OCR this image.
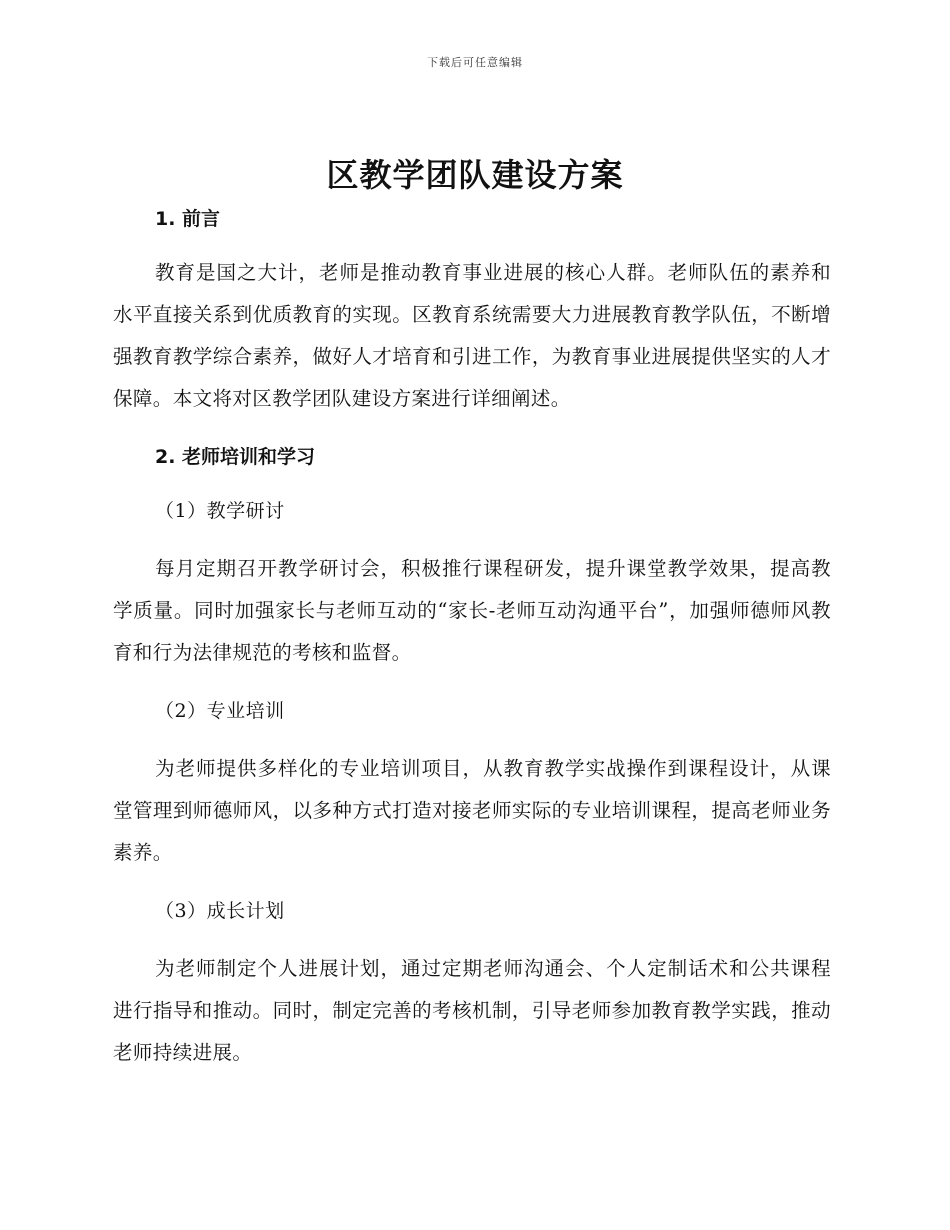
下载后可任意编辑
区教学团队建设方案
1. 前言

教育是国之大计，老师是推动教育事业进展的核心人群。老师队伍的素养和水平直接关系到优质教育的实现。区教育系统需要大力进展教育教学队伍，不断增强教育教学综合素养，做好人才培育和引进工作，为教育事业进展提供坚实的人才保障。本文将对区教学团队建设方案进行详细阐述。

2. 老师培训和学习
（1）教学研讨

每月定期召开教学研讨会，积极推行课程研发，提升课堂教学效果，提高教学质量。同时加强家长与老师互动的“家长-老师互动沟通平台”，加强师德师风教育和行为法律规范的考核和监督。

（2）专业培训

为老师提供多样化的专业培训项目，从教育教学实战操作到课程设计，从课堂管理到师德师风，以多种方式打造对接老师实际的专业培训课程，提高老师业务素养。

（3）成长计划

为老师制定个人进展计划，通过定期老师沟通会、个人定制话术和公共课程进行指导和推动。同时，制定完善的考核机制，引导老师参加教育教学实践，推动老师持续进展。
